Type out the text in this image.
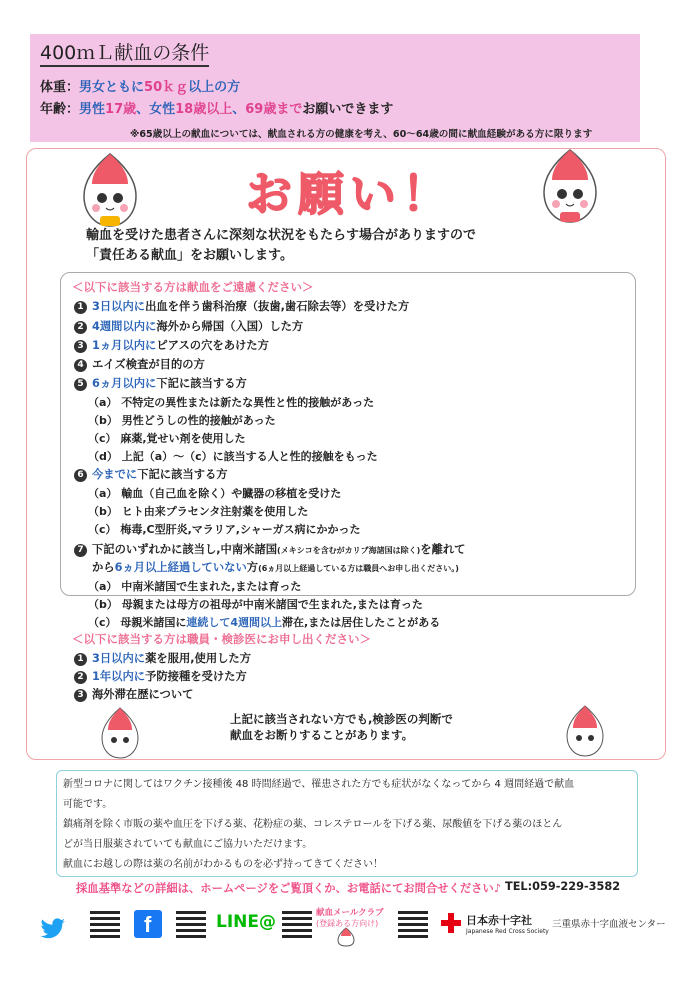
400ｍＬ献血の条件
体重：男女ともに50ｋｇ以上の方
年齢：男性17歳、女性18歳以上、69歳までお願いできます
※65歳以上の献血については、献血される方の健康を考え、60～64歳の間に献血経験がある方に限ります
お願い！
輸血を受けた患者さんに深刻な状況をもたらす場合がありますので
「責任ある献血」をお願いします。
＜以下に該当する方は献血をご遠慮ください＞
1 3日以内に出血を伴う歯科治療（抜歯,歯石除去等）を受けた方
2 4週間以内に海外から帰国（入国）した方
3 1ヵ月以内にピアスの穴をあけた方
4 エイズ検査が目的の方
5 6ヵ月以内に下記に該当する方
（a） 不特定の異性または新たな異性と性的接触があった
（b） 男性どうしの性的接触があった
（c） 麻薬,覚せい剤を使用した
（d） 上記（a）～（c）に該当する人と性的接触をもった
6 今までに下記に該当する方
（a） 輸血（自己血を除く）や臓器の移植を受けた
（b） ヒト由来プラセンタ注射薬を使用した
（c） 梅毒,C型肝炎,マラリア,シャーガス病にかかった
7 下記のいずれかに該当し,中南米諸国(メキシコを含むがカリブ海諸国は除く)を離れて
から6ヵ月以上経過していない方(6ヵ月以上経過している方は職員へお申し出ください。)
（a） 中南米諸国で生まれた,または育った
（b） 母親または母方の祖母が中南米諸国で生まれた,または育った
（c） 母親米諸国に連続して4週間以上滞在,または居住したことがある
＜以下に該当する方は職員・検診医にお申し出ください＞
1 3日以内に薬を服用,使用した方
2 1年以内に予防接種を受けた方
3 海外滞在歴について
上記に該当されない方でも,検診医の判断で
献血をお断りすることがあります。
新型コロナに関してはワクチン接種後 48 時間経過で、罹患された方でも症状がなくなってから 4 週間経過で献血
可能です。
鎮痛剤を除く市販の薬や血圧を下げる薬、花粉症の薬、コレステロールを下げる薬、尿酸値を下げる薬のほとん
どが当日服薬されていても献血にご協力いただけます。
献血にお越しの際は薬の名前がわかるものを必ず持ってきてください！
採血基準などの詳細は、ホームページをご覧頂くか、お電話にてお問合せください♪ TEL:059-229-3582
f	LINE@	献血メールクラブ
(登録ある方向け)	日本赤十字社
Japanese Red Cross Society
三重県赤十字血液センター
